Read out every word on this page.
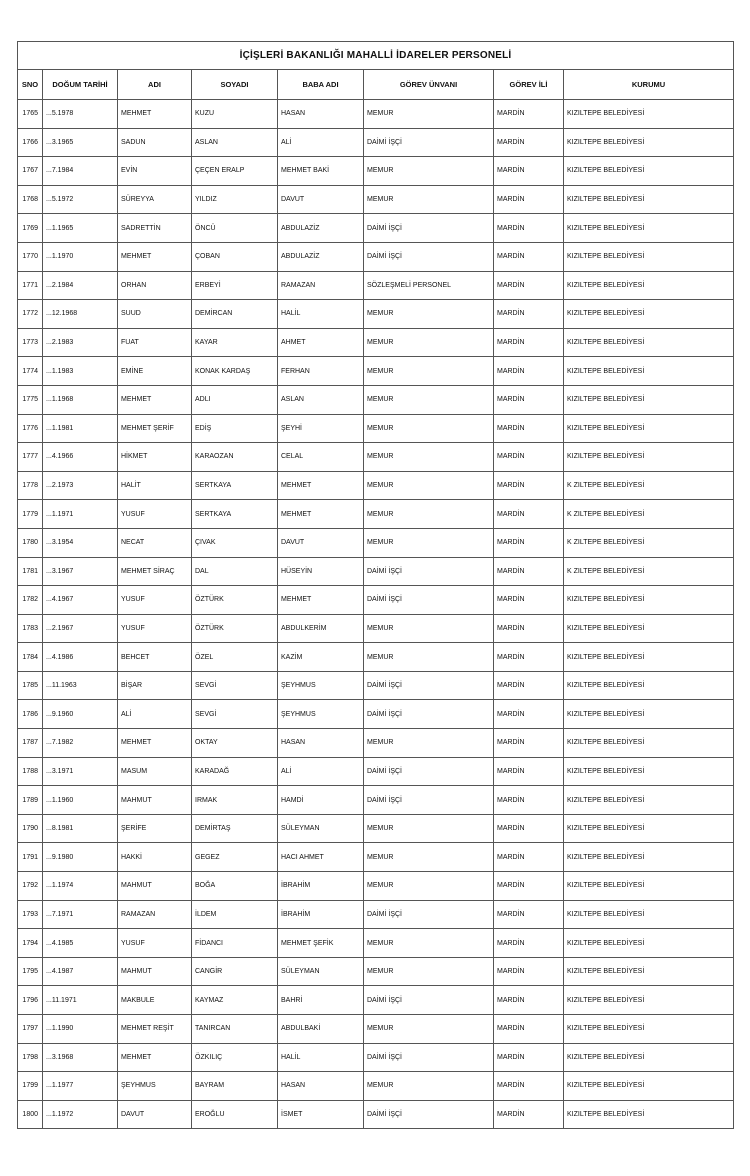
İÇİŞLERİ BAKANLIĞI MAHALLİ İDARELER PERSONELİ							
SNO	DOĞUM TARİHİ	ADI	SOYADI	BABA ADI	GÖREV ÜNVANI	GÖREV İLİ	KURUMU
1765	...5.1978	MEHMET	KUZU	HASAN	MEMUR	MARDİN	KIZILTEPE BELEDİYESİ
1766	...3.1965	SADUN	ASLAN	ALİ	DAİMİ İŞÇİ	MARDİN	KIZILTEPE BELEDİYESİ
1767	...7.1984	EVİN	ÇEÇEN ERALP	MEHMET BAKİ	MEMUR	MARDİN	KIZILTEPE BELEDİYESİ
1768	...5.1972	SÜREYYA	YILDIZ	DAVUT	MEMUR	MARDİN	KIZILTEPE BELEDİYESİ
1769	...1.1965	SADRETTİN	ÖNCÜ	ABDULAZİZ	DAİMİ İŞÇİ	MARDİN	KIZILTEPE BELEDİYESİ
1770	...1.1970	MEHMET	ÇOBAN	ABDULAZİZ	DAİMİ İŞÇİ	MARDİN	KIZILTEPE BELEDİYESİ
1771	...2.1984	ORHAN	ERBEYİ	RAMAZAN	SÖZLEŞMELİ PERSONEL	MARDİN	KIZILTEPE BELEDİYESİ
1772	...12.1968	SUUD	DEMİRCAN	HALİL	MEMUR	MARDİN	KIZILTEPE BELEDİYESİ
1773	...2.1983	FUAT	KAYAR	AHMET	MEMUR	MARDİN	KIZILTEPE BELEDİYESİ
1774	...1.1983	EMİNE	KONAK KARDAŞ	FERHAN	MEMUR	MARDİN	KIZILTEPE BELEDİYESİ
1775	...1.1968	MEHMET	ADLI	ASLAN	MEMUR	MARDİN	KIZILTEPE BELEDİYESİ
1776	...1.1981	MEHMET ŞERİF	EDİŞ	ŞEYHİ	MEMUR	MARDİN	KIZILTEPE BELEDİYESİ
1777	...4.1966	HİKMET	KARAOZAN	CELAL	MEMUR	MARDİN	KIZILTEPE BELEDİYESİ
1778	...2.1973	HALİT	SERTKAYA	MEHMET	MEMUR	MARDİN	K ZILTEPE BELEDİYESİ
1779	...1.1971	YUSUF	SERTKAYA	MEHMET	MEMUR	MARDİN	K ZILTEPE BELEDİYESİ
1780	...3.1954	NECAT	ÇIVAK	DAVUT	MEMUR	MARDİN	K ZILTEPE BELEDİYESİ
1781	...3.1967	MEHMET SİRAÇ	DAL	HÜSEYİN	DAİMİ İŞÇİ	MARDİN	K ZILTEPE BELEDİYESİ
1782	...4.1967	YUSUF	ÖZTÜRK	MEHMET	DAİMİ İŞÇİ	MARDİN	KIZILTEPE BELEDİYESİ
1783	...2.1967	YUSUF	ÖZTÜRK	ABDULKERİM	MEMUR	MARDİN	KIZILTEPE BELEDİYESİ
1784	...4.1986	BEHCET	ÖZEL	KAZİM	MEMUR	MARDİN	KIZILTEPE BELEDİYESİ
1785	...11.1963	BİŞAR	SEVGİ	ŞEYHMUS	DAİMİ İŞÇİ	MARDİN	KIZILTEPE BELEDİYESİ
1786	...9.1960	ALİ	SEVGİ	ŞEYHMUS	DAİMİ İŞÇİ	MARDİN	KIZILTEPE BELEDİYESİ
1787	...7.1982	MEHMET	OKTAY	HASAN	MEMUR	MARDİN	KIZILTEPE BELEDİYESİ
1788	...3.1971	MASUM	KARADAĞ	ALİ	DAİMİ İŞÇİ	MARDİN	KIZILTEPE BELEDİYESİ
1789	...1.1960	MAHMUT	IRMAK	HAMDİ	DAİMİ İŞÇİ	MARDİN	KIZILTEPE BELEDİYESİ
1790	...8.1981	ŞERİFE	DEMİRTAŞ	SÜLEYMAN	MEMUR	MARDİN	KIZILTEPE BELEDİYESİ
1791	...9.1980	HAKKİ	GEGEZ	HACI AHMET	MEMUR	MARDİN	KIZILTEPE BELEDİYESİ
1792	...1.1974	MAHMUT	BOĞA	İBRAHİM	MEMUR	MARDİN	KIZILTEPE BELEDİYESİ
1793	...7.1971	RAMAZAN	İLDEM	İBRAHİM	DAİMİ İŞÇİ	MARDİN	KIZILTEPE BELEDİYESİ
1794	...4.1985	YUSUF	FİDANCI	MEHMET ŞEFİK	MEMUR	MARDİN	KIZILTEPE BELEDİYESİ
1795	...4.1987	MAHMUT	CANGİR	SÜLEYMAN	MEMUR	MARDİN	KIZILTEPE BELEDİYESİ
1796	...11.1971	MAKBULE	KAYMAZ	BAHRİ	DAİMİ İŞÇİ	MARDİN	KIZILTEPE BELEDİYESİ
1797	...1.1990	MEHMET REŞİT	TANIRCAN	ABDULBAKİ	MEMUR	MARDİN	KIZILTEPE BELEDİYESİ
1798	...3.1968	MEHMET	ÖZKILIÇ	HALİL	DAİMİ İŞÇİ	MARDİN	KIZILTEPE BELEDİYESİ
1799	...1.1977	ŞEYHMUS	BAYRAM	HASAN	MEMUR	MARDİN	KIZILTEPE BELEDİYESİ
1800	...1.1972	DAVUT	EROĞLU	İSMET	DAİMİ İŞÇİ	MARDİN	KIZILTEPE BELEDİYESİ
